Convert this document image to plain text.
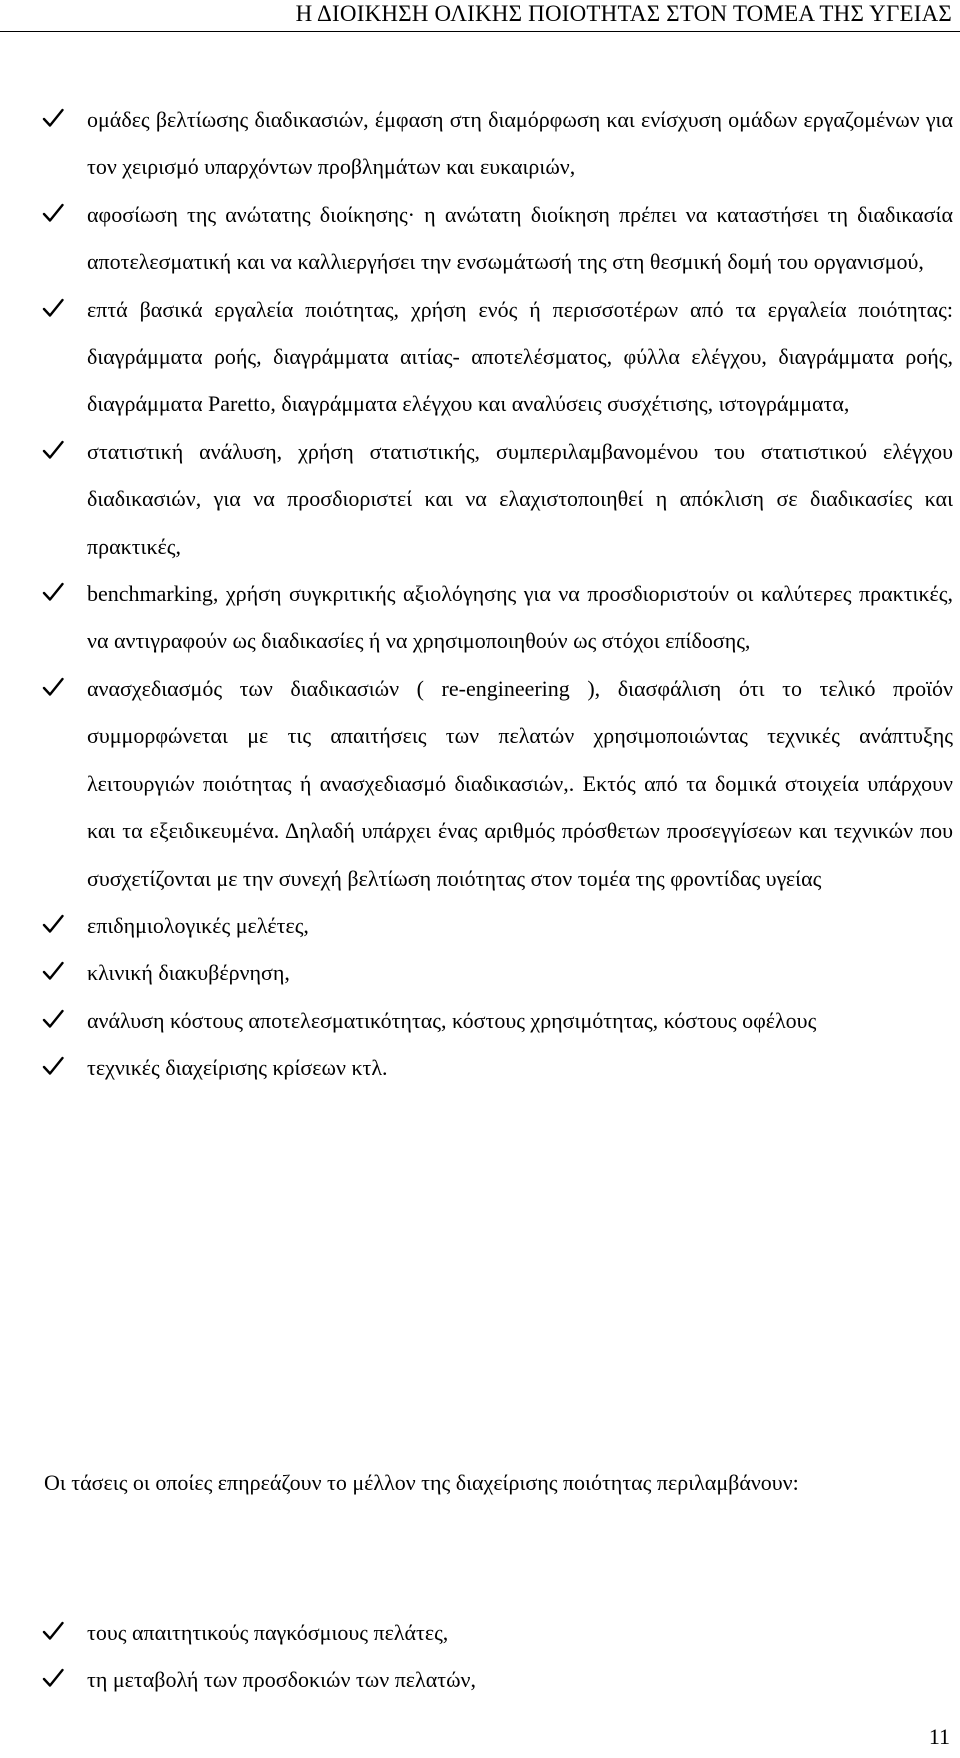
Η ΔΙΟΙΚΗΣΗ ΟΛΙΚΗΣ ΠΟΙΟΤΗΤΑΣ ΣΤΟΝ ΤΟΜΕΑ ΤΗΣ ΥΓΕΙΑΣ
ομάδες βελτίωσης διαδικασιών, έμφαση στη διαμόρφωση και ενίσχυση ομάδων εργαζομένων για τον χειρισμό υπαρχόντων προβλημάτων και ευκαιριών,
αφοσίωση της ανώτατης διοίκησης· η ανώτατη διοίκηση πρέπει να καταστήσει τη διαδικασία αποτελεσματική και να καλλιεργήσει την ενσωμάτωσή της στη θεσμική δομή του οργανισμού,
επτά βασικά εργαλεία ποιότητας, χρήση ενός ή περισσοτέρων από τα εργαλεία ποιότητας: διαγράμματα ροής, διαγράμματα αιτίας- αποτελέσματος, φύλλα ελέγχου, διαγράμματα ροής, διαγράμματα Paretto, διαγράμματα ελέγχου και αναλύσεις συσχέτισης, ιστογράμματα,
στατιστική ανάλυση, χρήση στατιστικής, συμπεριλαμβανομένου του στατιστικού ελέγχου διαδικασιών, για να προσδιοριστεί και να ελαχιστοποιηθεί η απόκλιση σε διαδικασίες και πρακτικές,
benchmarking, χρήση συγκριτικής αξιολόγησης για να προσδιοριστούν οι καλύτερες πρακτικές, να αντιγραφούν ως διαδικασίες ή να χρησιμοποιηθούν ως στόχοι επίδοσης,
ανασχεδιασμός των διαδικασιών ( re-engineering ), διασφάλιση ότι το τελικό προϊόν συμμορφώνεται με τις απαιτήσεις των πελατών χρησιμοποιώντας τεχνικές ανάπτυξης λειτουργιών ποιότητας ή ανασχεδιασμό διαδικασιών,. Εκτός από τα δομικά στοιχεία υπάρχουν και τα εξειδικευμένα. Δηλαδή υπάρχει ένας αριθμός πρόσθετων προσεγγίσεων και τεχνικών που συσχετίζονται με την συνεχή βελτίωση ποιότητας στον τομέα της φροντίδας υγείας
επιδημιολογικές μελέτες,
κλινική διακυβέρνηση,
ανάλυση κόστους αποτελεσματικότητας, κόστους χρησιμότητας, κόστους οφέλους
τεχνικές διαχείρισης κρίσεων κτλ.

Οι τάσεις οι οποίες επηρεάζουν το μέλλον της διαχείρισης ποιότητας περιλαμβάνουν:

τους απαιτητικούς παγκόσμιους πελάτες,
τη μεταβολή των προσδοκιών των πελατών,
11
